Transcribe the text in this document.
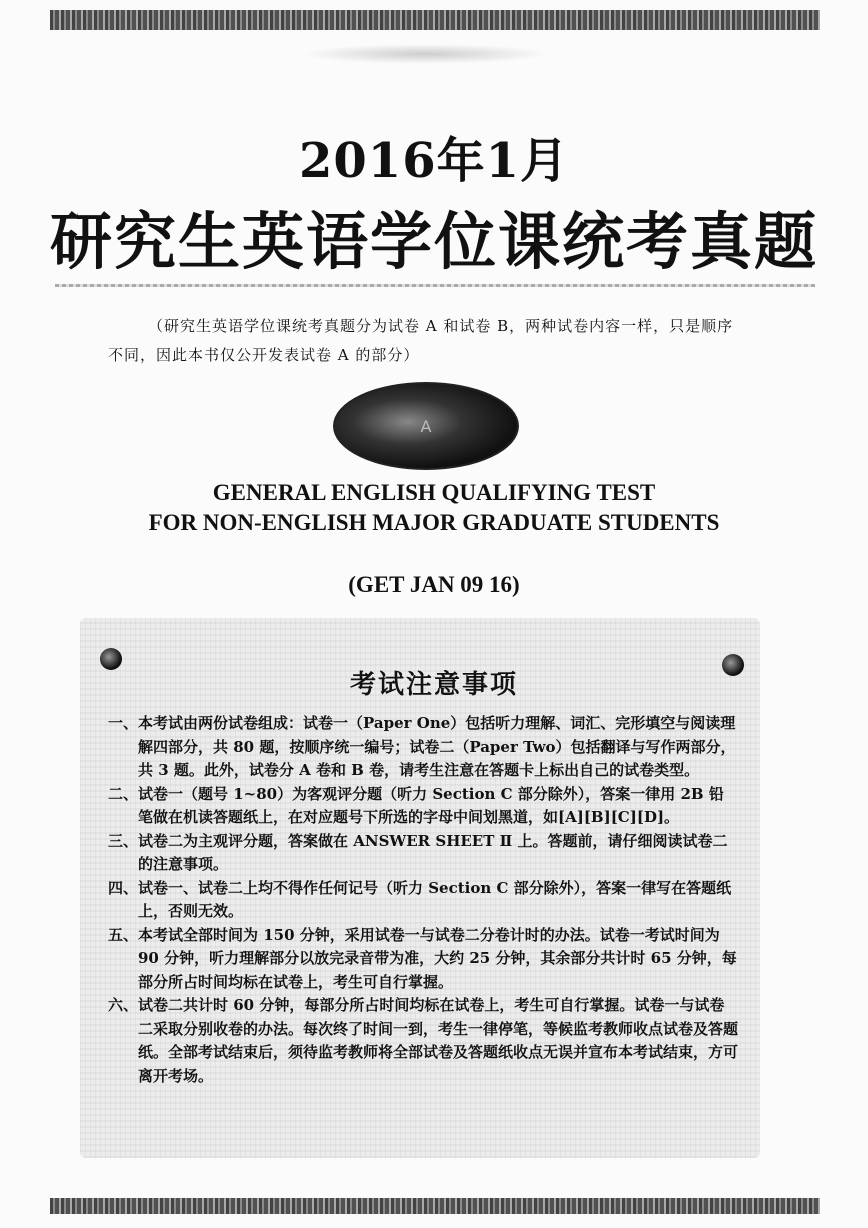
2016年1月
研究生英语学位课统考真题
（研究生英语学位课统考真题分为试卷 A 和试卷 B，两种试卷内容一样，只是顺序不同，因此本书仅公开发表试卷 A 的部分）
A
GENERAL ENGLISH QUALIFYING TEST
FOR NON-ENGLISH MAJOR GRADUATE STUDENTS
(GET JAN 09 16)
考试注意事项
一、 本考试由两份试卷组成：试卷一（Paper One）包括听力理解、词汇、完形填空与阅读理解四部分，共 80 题，按顺序统一编号；试卷二（Paper Two）包括翻译与写作两部分，共 3 题。此外，试卷分 A 卷和 B 卷，请考生注意在答题卡上标出自己的试卷类型。

二、 试卷一（题号 1~80）为客观评分题（听力 Section C 部分除外），答案一律用 2B 铅笔做在机读答题纸上，在对应题号下所选的字母中间划黑道，如[A][B][C][D]。

三、 试卷二为主观评分题，答案做在 ANSWER SHEET Ⅱ 上。答题前，请仔细阅读试卷二的注意事项。

四、 试卷一、试卷二上均不得作任何记号（听力 Section C 部分除外），答案一律写在答题纸上，否则无效。

五、 本考试全部时间为 150 分钟，采用试卷一与试卷二分卷计时的办法。试卷一考试时间为 90 分钟，听力理解部分以放完录音带为准，大约 25 分钟，其余部分共计时 65 分钟，每部分所占时间均标在试卷上，考生可自行掌握。

六、 试卷二共计时 60 分钟，每部分所占时间均标在试卷上，考生可自行掌握。试卷一与试卷二采取分别收卷的办法。每次终了时间一到，考生一律停笔，等候监考教师收点试卷及答题纸。全部考试结束后，须待监考教师将全部试卷及答题纸收点无误并宣布本考试结束，方可离开考场。
